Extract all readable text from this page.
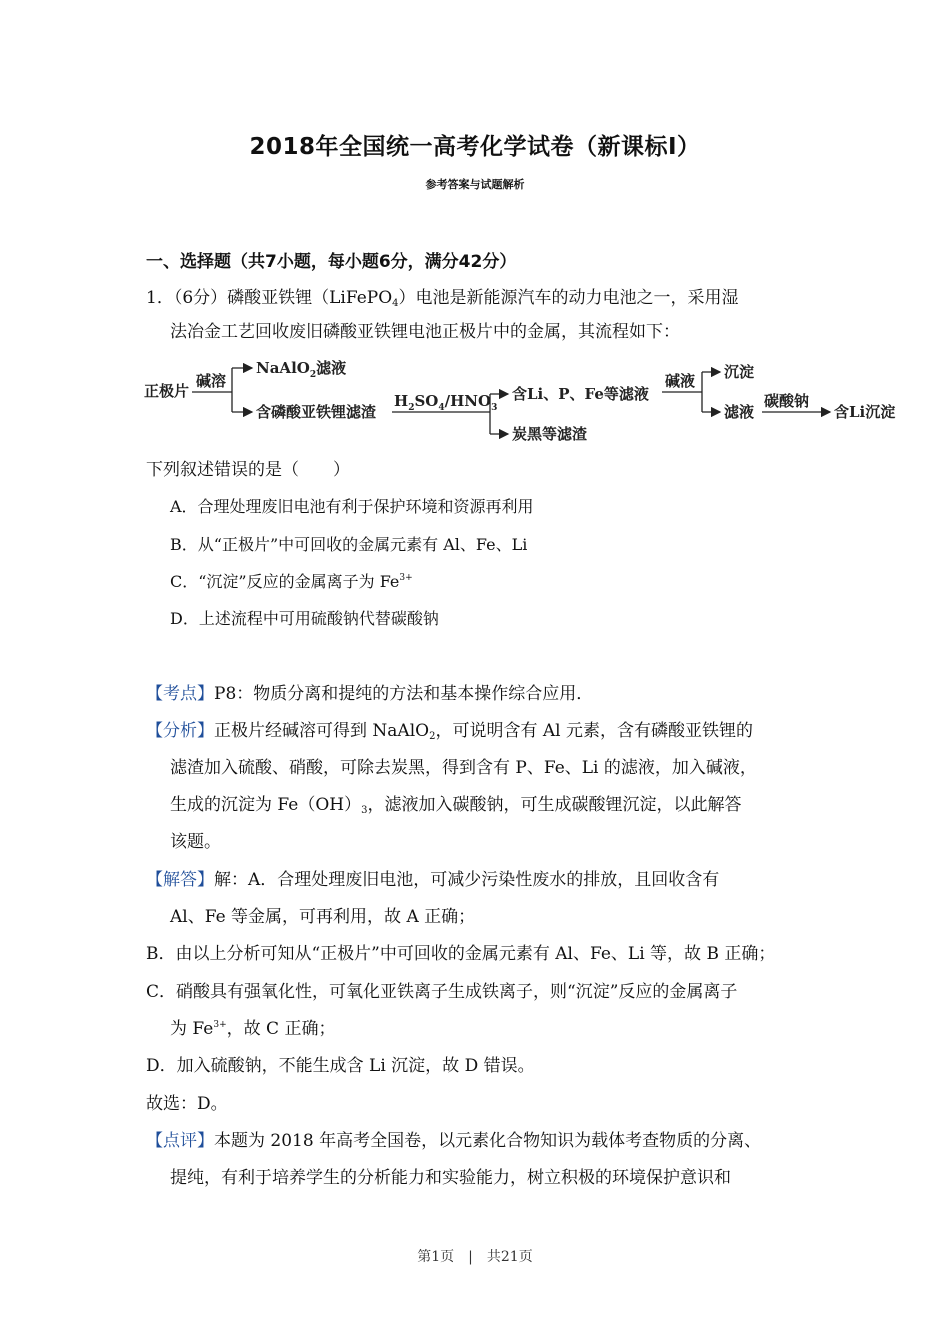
2018年全国统一高考化学试卷（新课标Ⅰ）
参考答案与试题解析
一、选择题（共7小题，每小题6分，满分42分）
1．（6分）磷酸亚铁锂（LiFePO$_4$）电池是新能源汽车的动力电池之一，采用湿
法冶金工艺回收废旧磷酸亚铁锂电池正极片中的金属，其流程如下：
正极片
碱溶
NaAlO$_2$滤液
含磷酸亚铁锂滤渣
$H_2SO_4/HNO_3$
含Li、P、Fe等滤液
炭黑等滤渣
碱液 沉淀
滤液
碳酸钠
含Li沉淀
下列叙述错误的是（　　）
A．合理处理废旧电池有利于保护环境和资源再利用
B．从“正极片”中可回收的金属元素有 Al、Fe、Li
C．“沉淀”反应的金属离子为 $Fe^{3+}$
D．上述流程中可用硫酸钠代替碳酸钠
【考点】P8：物质分离和提纯的方法和基本操作综合应用．
【分析】正极片经碱溶可得到 NaAlO$_2$，可说明含有 Al 元素，含有磷酸亚铁锂的
滤渣加入硫酸、硝酸，可除去炭黑，得到含有 P、Fe、Li 的滤液，加入碱液，
生成的沉淀为 $Fe(OH)_3$，滤液加入碳酸钠，可生成碳酸锂沉淀，以此解答
该题。
【解答】解：A．合理处理废旧电池，可减少污染性废水的排放，且回收含有
Al、Fe 等金属，可再利用，故 A 正确；
B．由以上分析可知从“正极片”中可回收的金属元素有 Al、Fe、Li 等，故 B 正确；
C．硝酸具有强氧化性，可氧化亚铁离子生成铁离子，则“沉淀”反应的金属离子
为 $Fe^{3+}$，故 C 正确；
D．加入硫酸钠，不能生成含 Li 沉淀，故 D 错误。
故选：D。
【点评】本题为 2018 年高考全国卷，以元素化合物知识为载体考查物质的分离、
提纯，有利于培养学生的分析能力和实验能力，树立积极的环境保护意识和
第1页　|　共21页
